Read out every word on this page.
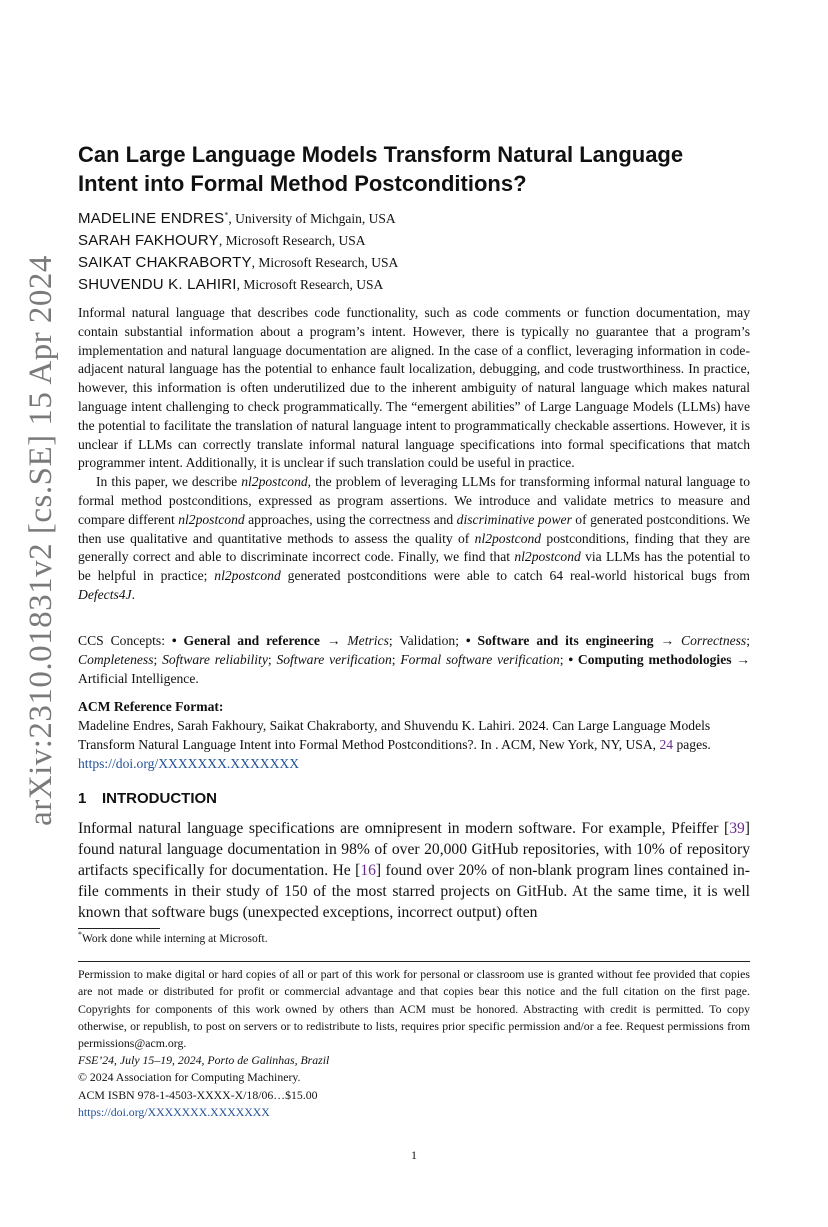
arXiv:2310.01831v2 [cs.SE] 15 Apr 2024
Can Large Language Models Transform Natural Language
Intent into Formal Method Postconditions?
MADELINE ENDRES*, University of Michgain, USA
SARAH FAKHOURY, Microsoft Research, USA
SAIKAT CHAKRABORTY, Microsoft Research, USA
SHUVENDU K. LAHIRI, Microsoft Research, USA

Informal natural language that describes code functionality, such as code comments or function documentation, may contain substantial information about a program’s intent. However, there is typically no guarantee that a program’s implementation and natural language documentation are aligned. In the case of a conflict, leveraging information in code-adjacent natural language has the potential to enhance fault localization, debugging, and code trustworthiness. In practice, however, this information is often underutilized due to the inherent ambiguity of natural language which makes natural language intent challenging to check programmatically. The “emergent abilities” of Large Language Models (LLMs) have the potential to facilitate the translation of natural language intent to programmatically checkable assertions. However, it is unclear if LLMs can correctly translate informal natural language specifications into formal specifications that match programmer intent. Additionally, it is unclear if such translation could be useful in practice.

In this paper, we describe nl2postcond, the problem of leveraging LLMs for transforming informal natural language to formal method postconditions, expressed as program assertions. We introduce and validate metrics to measure and compare different nl2postcond approaches, using the correctness and discriminative power of generated postconditions. We then use qualitative and quantitative methods to assess the quality of nl2postcond postconditions, finding that they are generally correct and able to discriminate incorrect code. Finally, we find that nl2postcond via LLMs has the potential to be helpful in practice; nl2postcond generated postconditions were able to catch 64 real-world historical bugs from Defects4J.

CCS Concepts: • General and reference → Metrics; Validation; • Software and its engineering → Correctness; Completeness; Software reliability; Software verification; Formal software verification; • Computing methodologies → Artificial Intelligence.
ACM Reference Format:
Madeline Endres, Sarah Fakhoury, Saikat Chakraborty, and Shuvendu K. Lahiri. 2024. Can Large Language Models Transform Natural Language Intent into Formal Method Postconditions?. In . ACM, New York, NY, USA, 24 pages. https://doi.org/XXXXXXX.XXXXXXX
1 INTRODUCTION
Informal natural language specifications are omnipresent in modern software. For example, Pfeiffer [39] found natural language documentation in 98% of over 20,000 GitHub repositories, with 10% of repository artifacts specifically for documentation. He [16] found over 20% of non-blank program lines contained in-file comments in their study of 150 of the most starred projects on GitHub. At the same time, it is well known that software bugs (unexpected exceptions, incorrect output) often
*Work done while interning at Microsoft.
Permission to make digital or hard copies of all or part of this work for personal or classroom use is granted without fee provided that copies are not made or distributed for profit or commercial advantage and that copies bear this notice and the full citation on the first page. Copyrights for components of this work owned by others than ACM must be honored. Abstracting with credit is permitted. To copy otherwise, or republish, to post on servers or to redistribute to lists, requires prior specific permission and/or a fee. Request permissions from permissions@acm.org.
FSE’24, July 15–19, 2024, Porto de Galinhas, Brazil
© 2024 Association for Computing Machinery.
ACM ISBN 978-1-4503-XXXX-X/18/06…$15.00
https://doi.org/XXXXXXX.XXXXXXX
1
